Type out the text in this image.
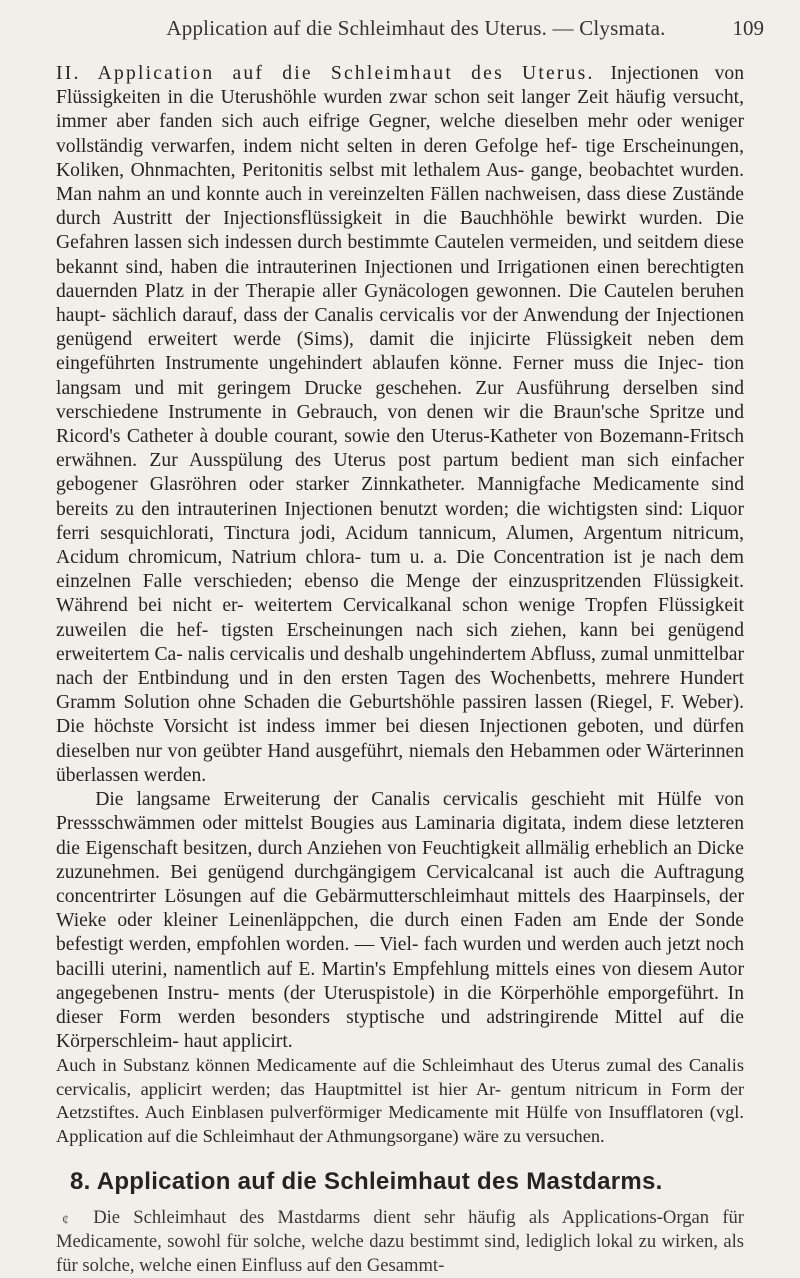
Application auf die Schleimhaut des Uterus. — Clysmata.	109

II. Application auf die Schleimhaut des Uterus. Injectionen von Flüssigkeiten in die Uterushöhle wurden zwar schon seit langer Zeit häufig versucht, immer aber fanden sich auch eifrige Gegner, welche dieselben mehr oder weniger vollständig verwarfen, indem nicht selten in deren Gefolge hef- tige Erscheinungen, Koliken, Ohnmachten, Peritonitis selbst mit lethalem Aus- gange, beobachtet wurden. Man nahm an und konnte auch in vereinzelten Fällen nachweisen, dass diese Zustände durch Austritt der Injectionsflüssigkeit in die Bauchhöhle bewirkt wurden. Die Gefahren lassen sich indessen durch bestimmte Cautelen vermeiden, und seitdem diese bekannt sind, haben die intrauterinen Injectionen und Irrigationen einen berechtigten dauernden Platz in der Therapie aller Gynäcologen gewonnen. Die Cautelen beruhen haupt- sächlich darauf, dass der Canalis cervicalis vor der Anwendung der Injectionen genügend erweitert werde (Sims), damit die injicirte Flüssigkeit neben dem eingeführten Instrumente ungehindert ablaufen könne. Ferner muss die Injec- tion langsam und mit geringem Drucke geschehen. Zur Ausführung derselben sind verschiedene Instrumente in Gebrauch, von denen wir die Braun'sche Spritze und Ricord's Catheter à double courant, sowie den Uterus-Katheter von Bozemann-Fritsch erwähnen. Zur Ausspülung des Uterus post partum bedient man sich einfacher gebogener Glasröhren oder starker Zinnkatheter. Mannigfache Medicamente sind bereits zu den intrauterinen Injectionen benutzt worden; die wichtigsten sind: Liquor ferri sesquichlorati, Tinctura jodi, Acidum tannicum, Alumen, Argentum nitricum, Acidum chromicum, Natrium chlora- tum u. a. Die Concentration ist je nach dem einzelnen Falle verschieden; ebenso die Menge der einzuspritzenden Flüssigkeit. Während bei nicht er- weitertem Cervicalkanal schon wenige Tropfen Flüssigkeit zuweilen die hef- tigsten Erscheinungen nach sich ziehen, kann bei genügend erweitertem Ca- nalis cervicalis und deshalb ungehindertem Abfluss, zumal unmittelbar nach der Entbindung und in den ersten Tagen des Wochenbetts, mehrere Hundert Gramm Solution ohne Schaden die Geburtshöhle passiren lassen (Riegel, F. Weber). Die höchste Vorsicht ist indess immer bei diesen Injectionen geboten, und dürfen dieselben nur von geübter Hand ausgeführt, niemals den Hebammen oder Wärterinnen überlassen werden.

Die langsame Erweiterung der Canalis cervicalis geschieht mit Hülfe von Pressschwämmen oder mittelst Bougies aus Laminaria digitata, indem diese letzteren die Eigenschaft besitzen, durch Anziehen von Feuchtigkeit allmälig erheblich an Dicke zuzunehmen. Bei genügend durchgängigem Cervicalcanal ist auch die Auftragung concentrirter Lösungen auf die Gebärmutterschleimhaut mittels des Haarpinsels, der Wieke oder kleiner Leinenläppchen, die durch einen Faden am Ende der Sonde befestigt werden, empfohlen worden. — Viel- fach wurden und werden auch jetzt noch bacilli uterini, namentlich auf E. Martin's Empfehlung mittels eines von diesem Autor angegebenen Instru- ments (der Uteruspistole) in die Körperhöhle emporgeführt. In dieser Form werden besonders styptische und adstringirende Mittel auf die Körperschleim- haut applicirt.

Auch in Substanz können Medicamente auf die Schleimhaut des Uterus zumal des Canalis cervicalis, applicirt werden; das Hauptmittel ist hier Ar- gentum nitricum in Form der Aetzstiftes. Auch Einblasen pulverförmiger Medicamente mit Hülfe von Insufflatoren (vgl. Application auf die Schleimhaut der Athmungsorgane) wäre zu versuchen.

8. Application auf die Schleimhaut des Mastdarms.

Die Schleimhaut des Mastdarms dient sehr häufig als Applications-Organ für Medicamente, sowohl für solche, welche dazu bestimmt sind, lediglich lokal zu wirken, als für solche, welche einen Einfluss auf den Gesammt-

¢
